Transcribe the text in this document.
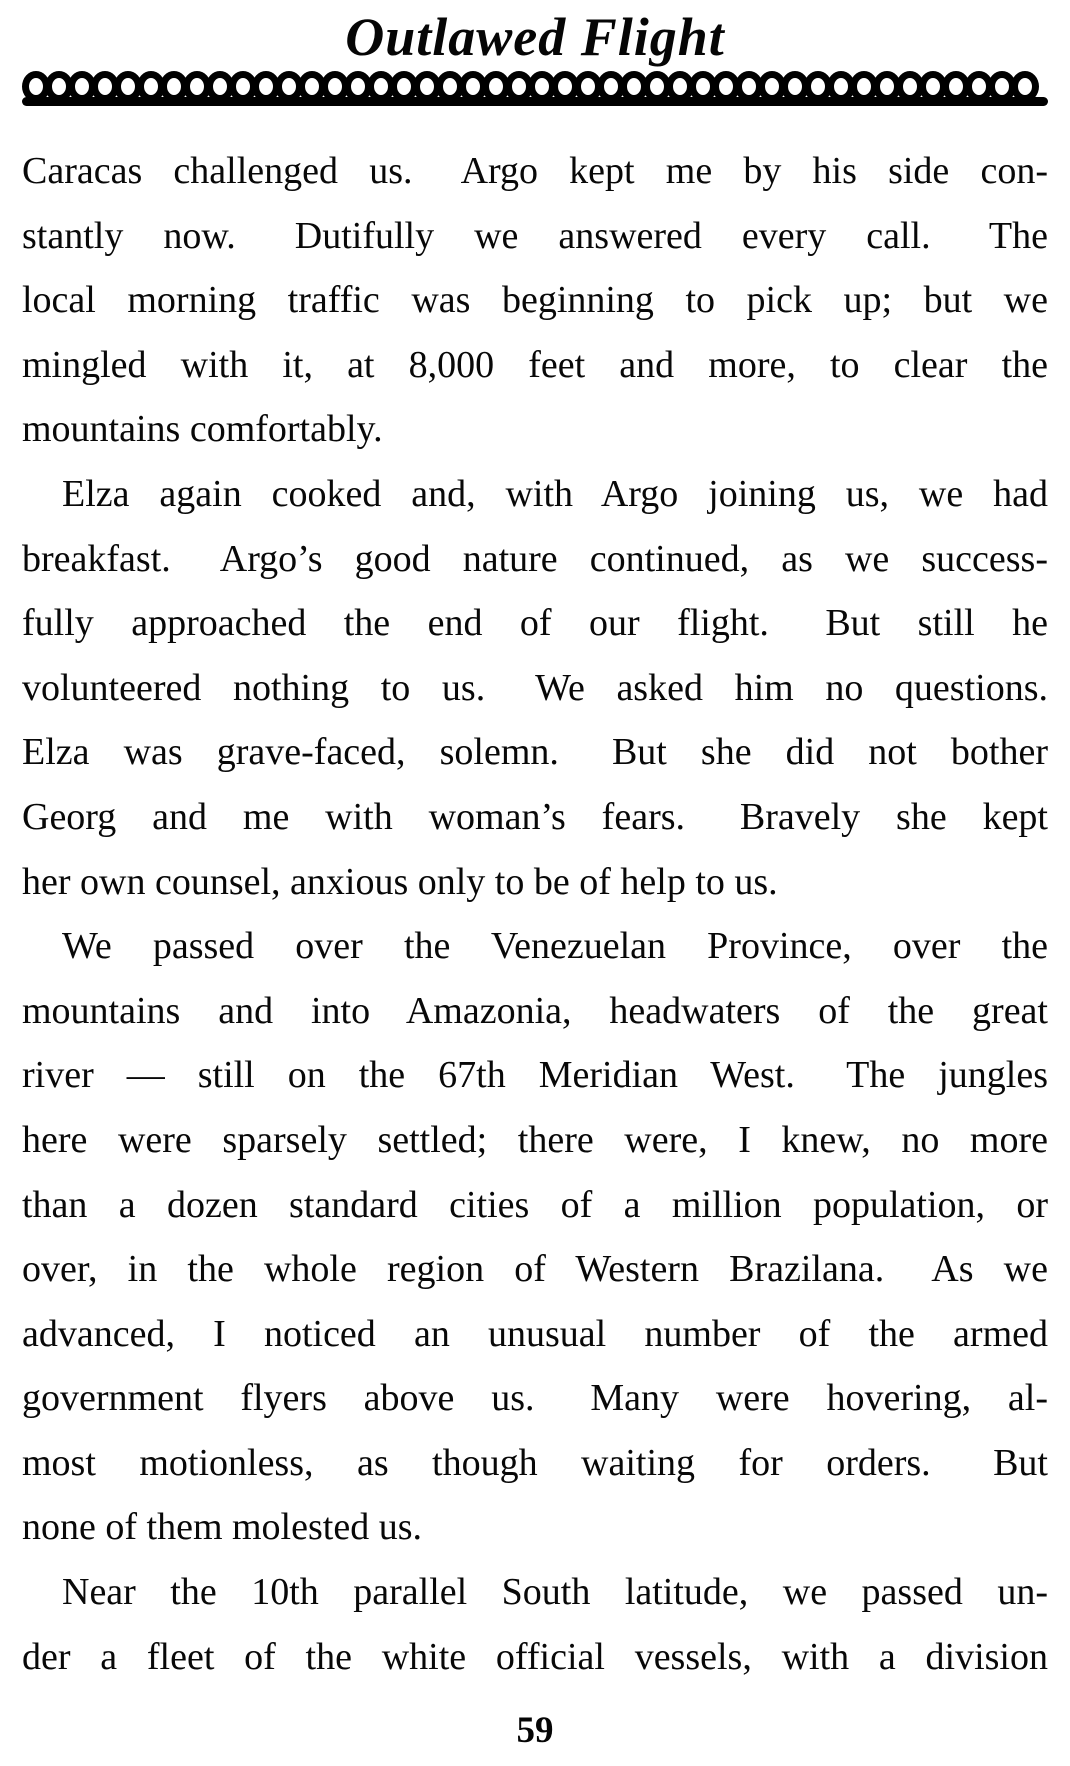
Outlawed Flight
Caracas challenged us.  Argo kept me by his side con-
stantly now.  Dutifully we answered every call.  The
local morning traffic was beginning to pick up; but we
mingled with it, at 8,000 feet and more, to clear the
mountains comfortably.
Elza again cooked and, with Argo joining us, we had
breakfast.  Argo’s good nature continued, as we success-
fully approached the end of our flight.  But still he
volunteered nothing to us.  We asked him no questions.
Elza was grave-faced, solemn.  But she did not bother
Georg and me with woman’s fears.  Bravely she kept
her own counsel, anxious only to be of help to us.
We passed over the Venezuelan Province, over the
mountains and into Amazonia, headwaters of the great
river — still on the 67th Meridian West.  The jungles
here were sparsely settled; there were, I knew, no more
than a dozen standard cities of a million population, or
over, in the whole region of Western Brazilana.  As we
advanced, I noticed an unusual number of the armed
government flyers above us.  Many were hovering, al-
most motionless, as though waiting for orders.  But
none of them molested us.
Near the 10th parallel South latitude, we passed un-
der a fleet of the white official vessels, with a division
59
